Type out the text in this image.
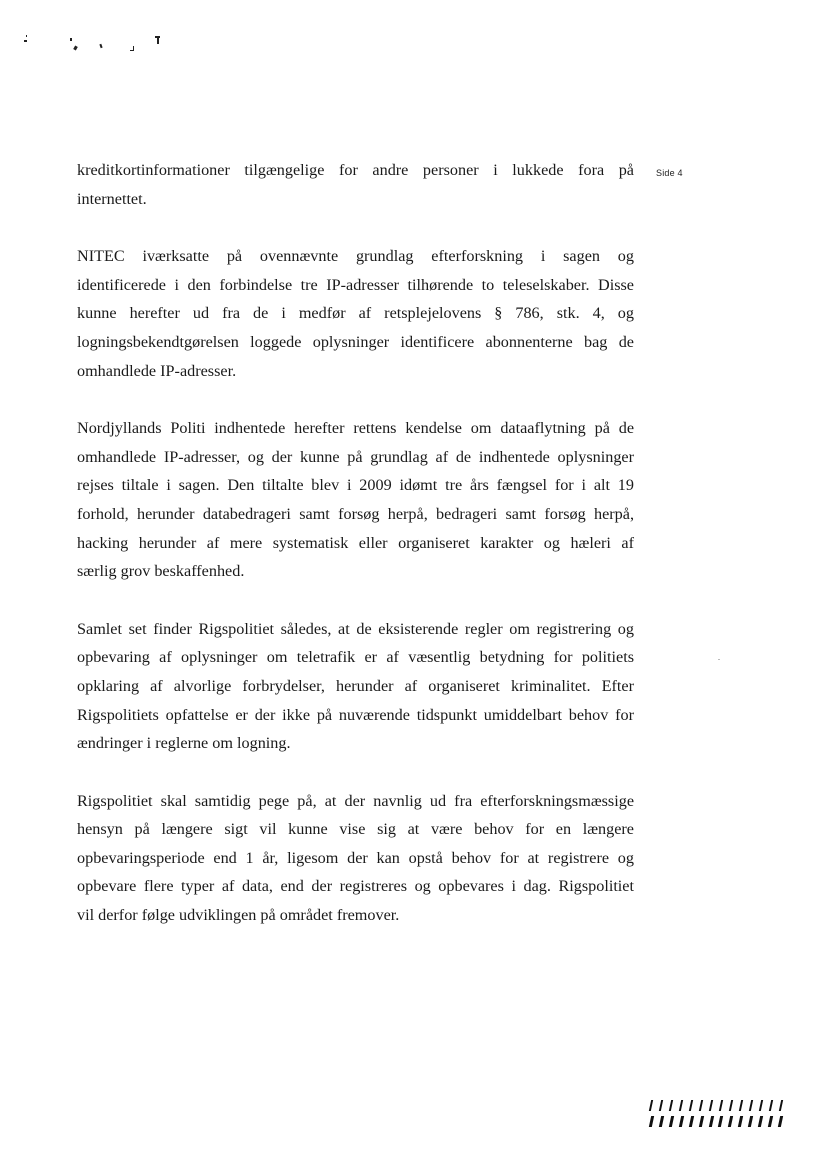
Side 4

kreditkortinformationer tilgængelige for andre personer i lukkede fora på
internettet.

NITEC iværksatte på ovennævnte grundlag efterforskning i sagen og
identificerede i den forbindelse tre IP-adresser tilhørende to teleselskaber. Disse
kunne herefter ud fra de i medfør af retsplejelovens § 786, stk. 4, og
logningsbekendtgørelsen loggede oplysninger identificere abonnenterne bag de
omhandlede IP-adresser.

Nordjyllands Politi indhentede herefter rettens kendelse om dataaflytning på de
omhandlede IP-adresser, og der kunne på grundlag af de indhentede oplysninger
rejses tiltale i sagen. Den tiltalte blev i 2009 idømt tre års fængsel for i alt 19
forhold, herunder databedrageri samt forsøg herpå, bedrageri samt forsøg herpå,
hacking herunder af mere systematisk eller organiseret karakter og hæleri af
særlig grov beskaffenhed.

Samlet set finder Rigspolitiet således, at de eksisterende regler om registrering og
opbevaring af oplysninger om teletrafik er af væsentlig betydning for politiets
opklaring af alvorlige forbrydelser, herunder af organiseret kriminalitet. Efter
Rigspolitiets opfattelse er der ikke på nuværende tidspunkt umiddelbart behov for
ændringer i reglerne om logning.

Rigspolitiet skal samtidig pege på, at der navnlig ud fra efterforskningsmæssige
hensyn på længere sigt vil kunne vise sig at være behov for en længere
opbevaringsperiode end 1 år, ligesom der kan opstå behov for at registrere og
opbevare flere typer af data, end der registreres og opbevares i dag. Rigspolitiet
vil derfor følge udviklingen på området fremover.
